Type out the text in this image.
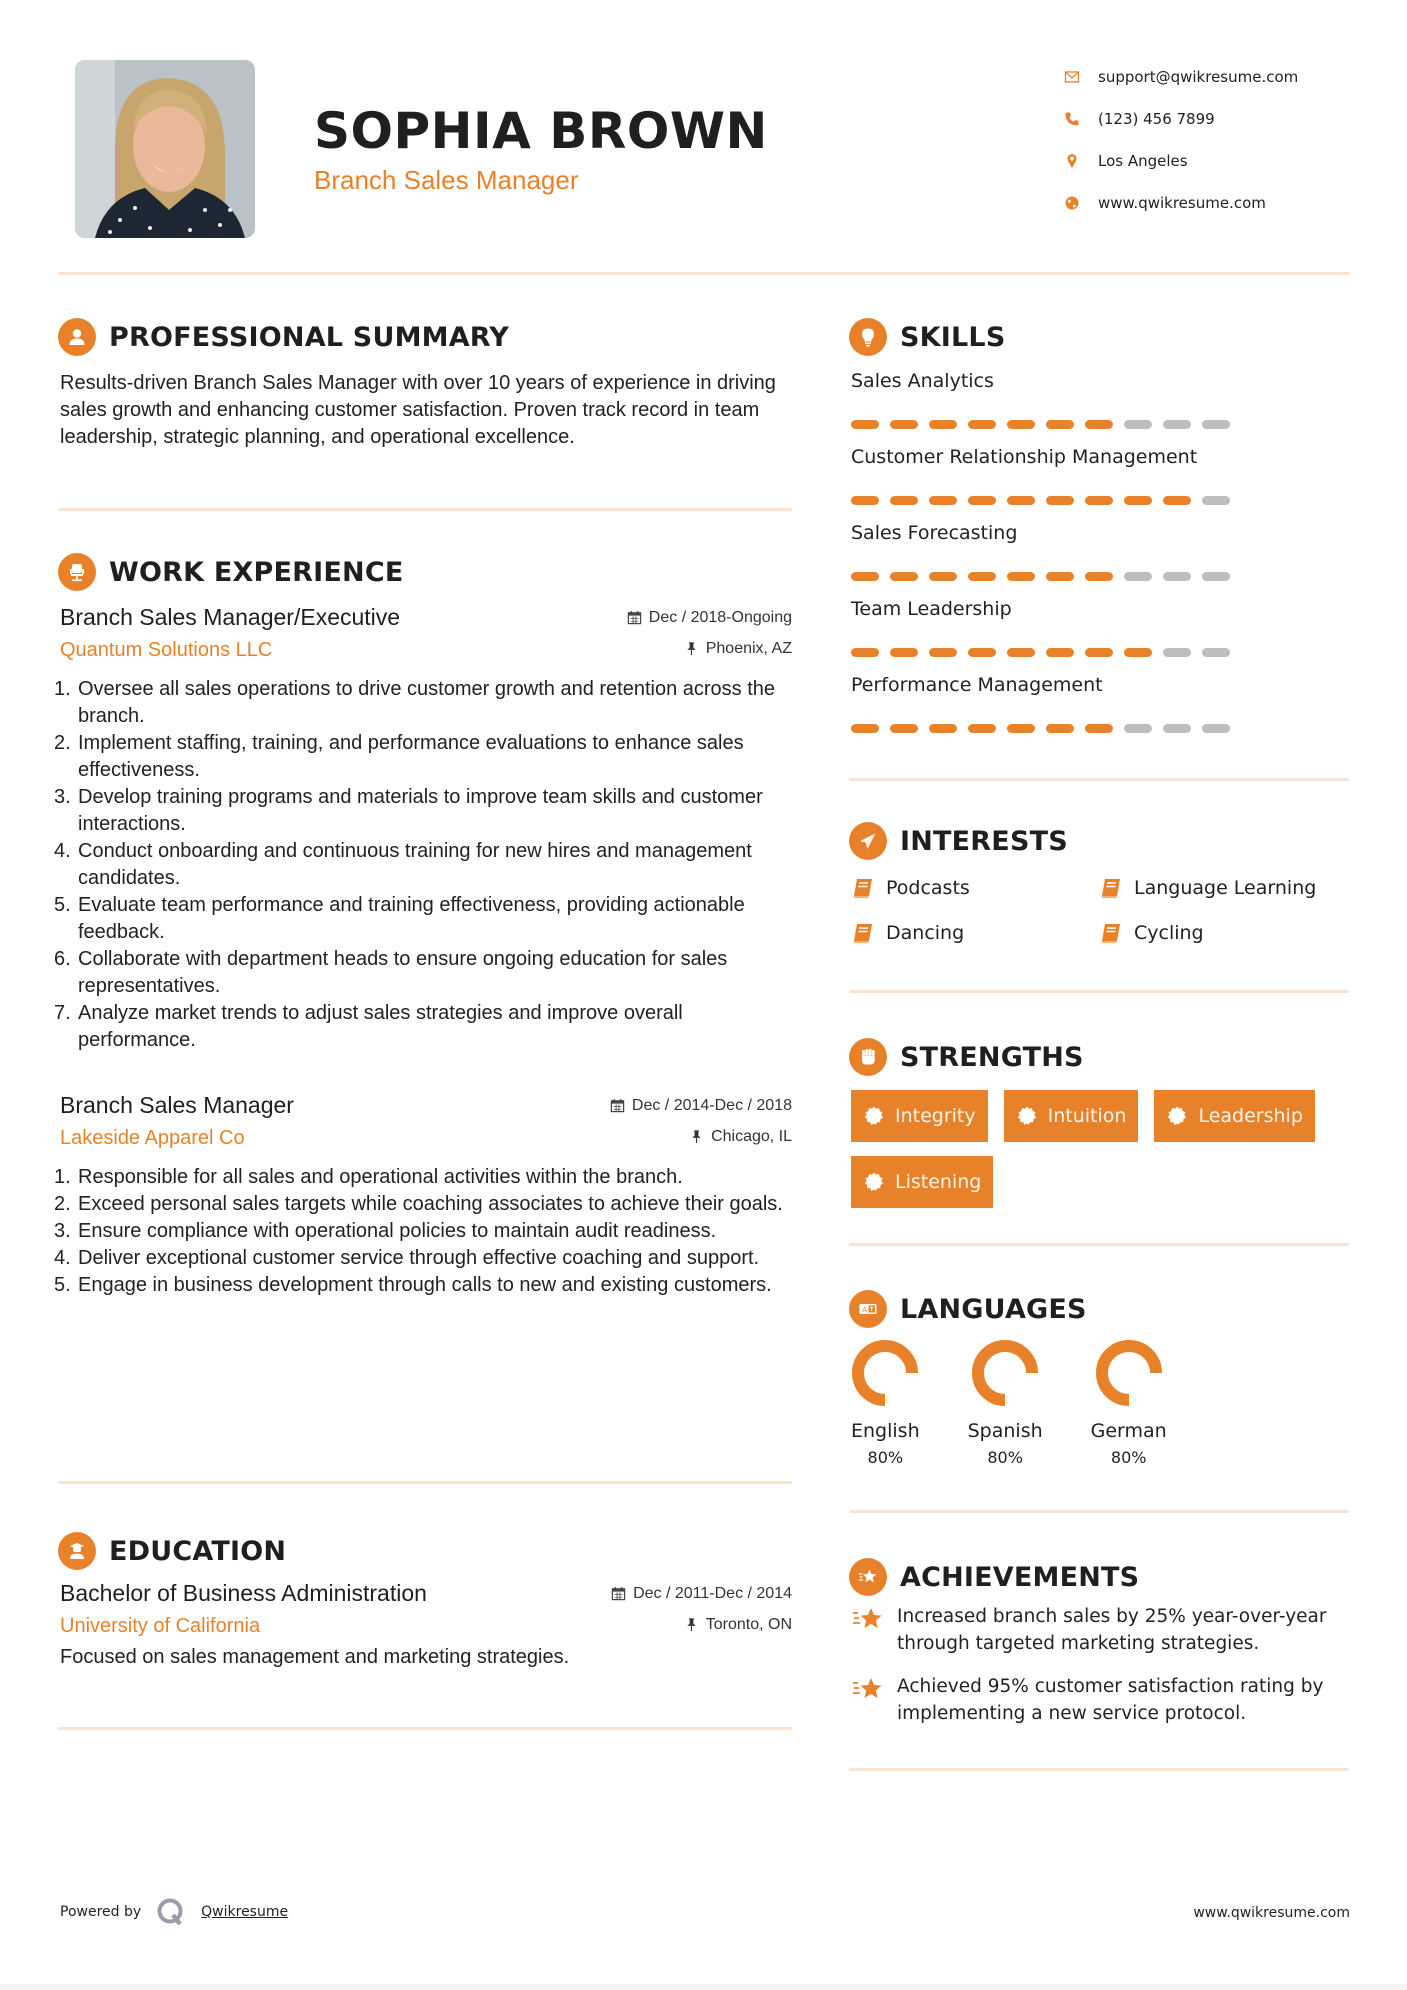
SOPHIA BROWN
Branch Sales Manager
support@qwikresume.com
(123) 456 7899
Los Angeles
www.qwikresume.com
PROFESSIONAL SUMMARY
Results-driven Branch Sales Manager with over 10 years of experience in driving sales growth and enhancing customer satisfaction. Proven track record in team leadership, strategic planning, and operational excellence.
WORK EXPERIENCE
Branch Sales Manager/Executive	Dec / 2018-Ongoing
Quantum Solutions LLC	Phoenix, AZ
1. Oversee all sales operations to drive customer growth and retention across the branch.
2. Implement staffing, training, and performance evaluations to enhance sales effectiveness.
3. Develop training programs and materials to improve team skills and customer interactions.
4. Conduct onboarding and continuous training for new hires and management candidates.
5. Evaluate team performance and training effectiveness, providing actionable feedback.
6. Collaborate with department heads to ensure ongoing education for sales representatives.
7. Analyze market trends to adjust sales strategies and improve overall performance.
Branch Sales Manager	Dec / 2014-Dec / 2018
Lakeside Apparel Co	Chicago, IL
1. Responsible for all sales and operational activities within the branch.
2. Exceed personal sales targets while coaching associates to achieve their goals.
3. Ensure compliance with operational policies to maintain audit readiness.
4. Deliver exceptional customer service through effective coaching and support.
5. Engage in business development through calls to new and existing customers.
EDUCATION
Bachelor of Business Administration	Dec / 2011-Dec / 2014
University of California	Toronto, ON
Focused on sales management and marketing strategies.
SKILLS
Sales Analytics
Customer Relationship Management
Sales Forecasting
Team Leadership
Performance Management
INTERESTS
Podcasts	Language Learning
Dancing	Cycling
STRENGTHS
Integrity	Intuition	Leadership
Listening
A LANGUAGES
English
80%
Spanish
80%
German
80%
ACHIEVEMENTS
Increased branch sales by 25% year-over-year through targeted marketing strategies.
Achieved 95% customer satisfaction rating by implementing a new service protocol.
Powered by	Qwikresume	www.qwikresume.com
